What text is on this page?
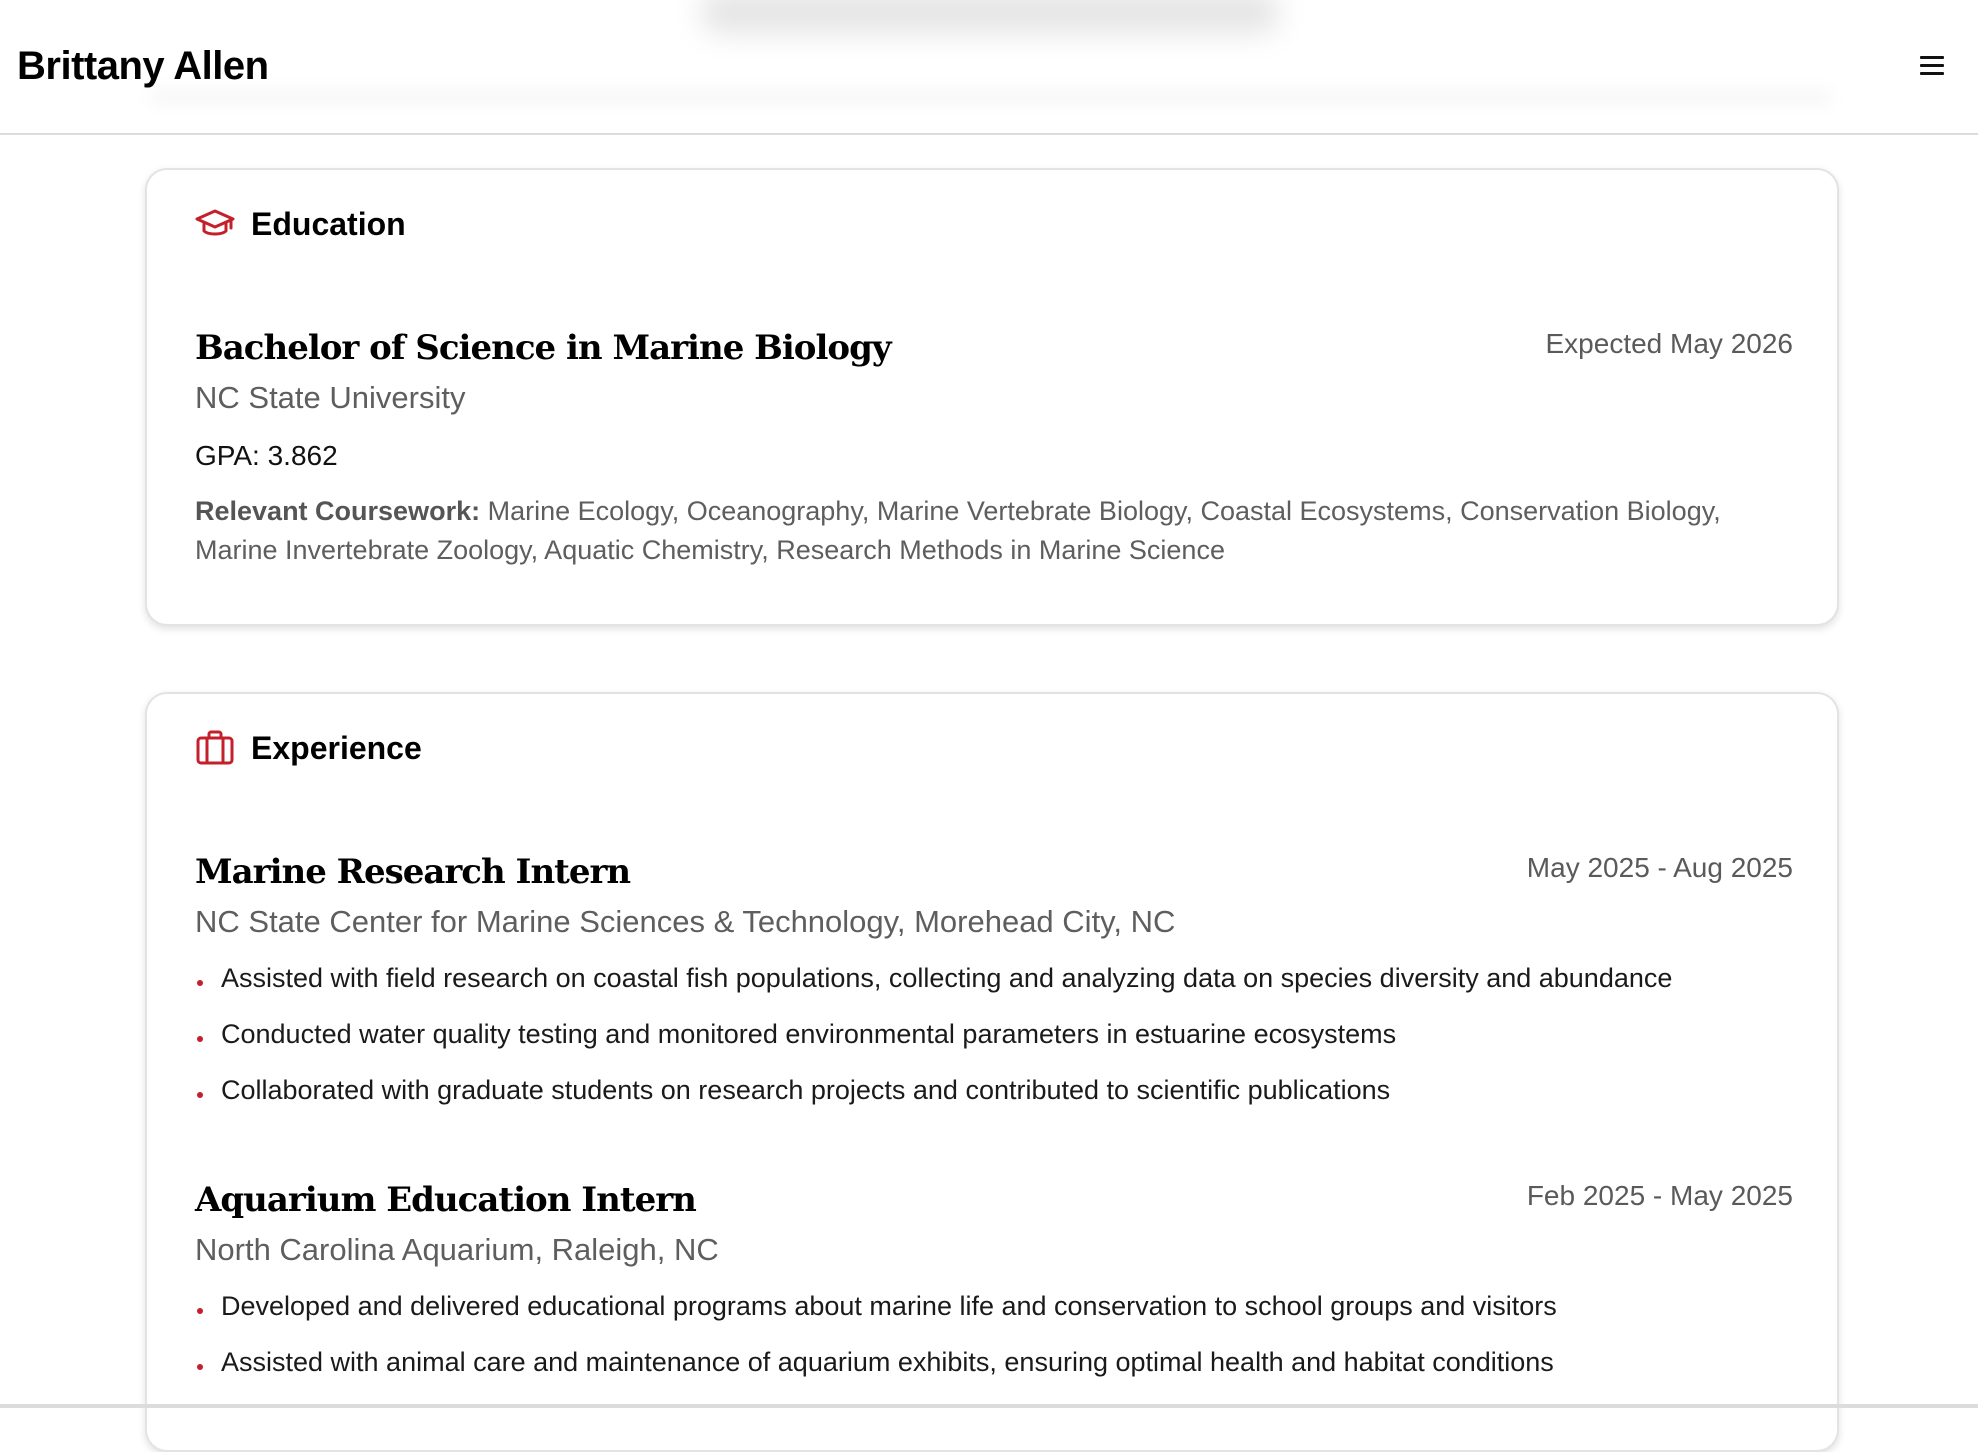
Brittany Allen
Education
Bachelor of Science in Marine Biology	Expected May 2026
NC State University
GPA: 3.862
Relevant Coursework: Marine Ecology, Oceanography, Marine Vertebrate Biology, Coastal Ecosystems, Conservation Biology, Marine Invertebrate Zoology, Aquatic Chemistry, Research Methods in Marine Science
Experience
Marine Research Intern	May 2025 - Aug 2025
NC State Center for Marine Sciences & Technology, Morehead City, NC
Assisted with field research on coastal fish populations, collecting and analyzing data on species diversity and abundance
Conducted water quality testing and monitored environmental parameters in estuarine ecosystems
Collaborated with graduate students on research projects and contributed to scientific publications
Aquarium Education Intern	Feb 2025 - May 2025
North Carolina Aquarium, Raleigh, NC
Developed and delivered educational programs about marine life and conservation to school groups and visitors
Assisted with animal care and maintenance of aquarium exhibits, ensuring optimal health and habitat conditions
